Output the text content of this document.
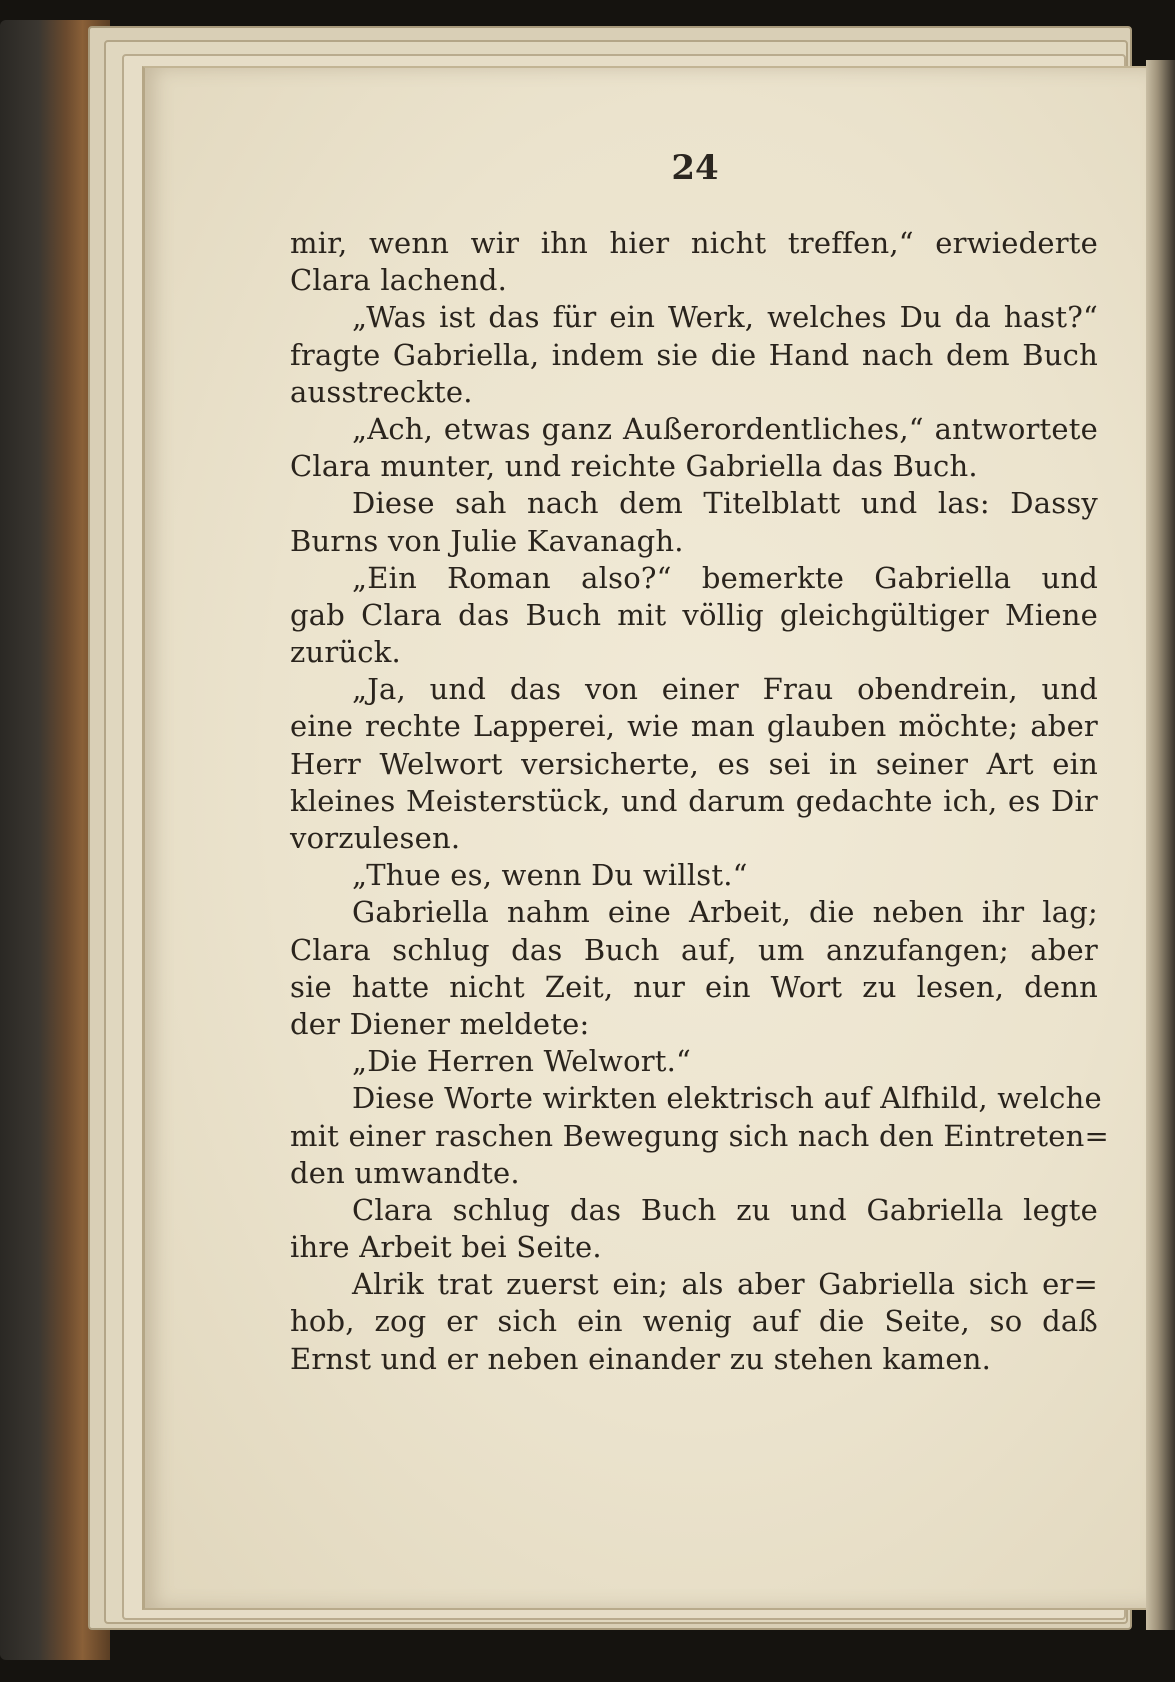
24
mir, wenn wir ihn hier nicht treffen,“ erwiederte
Clara lachend.
„Was ist das für ein Werk, welches Du da hast?“
fragte Gabriella, indem sie die Hand nach dem Buch
ausstreckte.
„Ach, etwas ganz Außerordentliches,“ antwortete
Clara munter, und reichte Gabriella das Buch.
Diese sah nach dem Titelblatt und las: Dassy
Burns von Julie Kavanagh.
„Ein Roman also?“ bemerkte Gabriella und
gab Clara das Buch mit völlig gleichgültiger Miene
zurück.
„Ja, und das von einer Frau obendrein, und
eine rechte Lapperei, wie man glauben möchte; aber
Herr Welwort versicherte, es sei in seiner Art ein
kleines Meisterstück, und darum gedachte ich, es Dir
vorzulesen.
„Thue es, wenn Du willst.“
Gabriella nahm eine Arbeit, die neben ihr lag;
Clara schlug das Buch auf, um anzufangen; aber
sie hatte nicht Zeit, nur ein Wort zu lesen, denn
der Diener meldete:
„Die Herren Welwort.“
Diese Worte wirkten elektrisch auf Alfhild, welche
mit einer raschen Bewegung sich nach den Eintreten=
den umwandte.
Clara schlug das Buch zu und Gabriella legte
ihre Arbeit bei Seite.
Alrik trat zuerst ein; als aber Gabriella sich er=
hob, zog er sich ein wenig auf die Seite, so daß
Ernst und er neben einander zu stehen kamen.
